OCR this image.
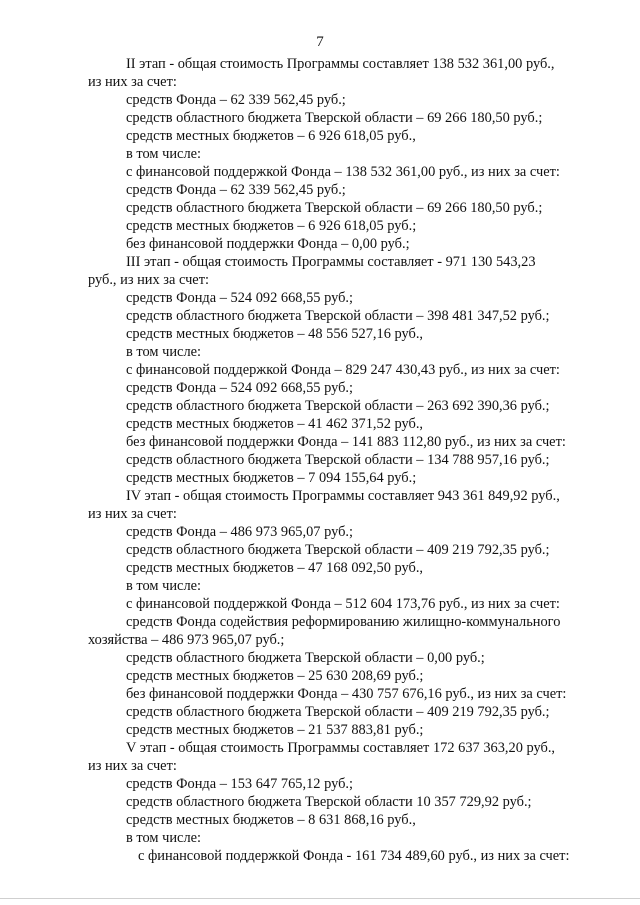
7
II этап - общая стоимость Программы составляет 138 532 361,00 руб.,
из них за счет:
средств Фонда – 62 339 562,45 руб.;
средств областного бюджета Тверской области – 69 266 180,50 руб.;
средств местных бюджетов – 6 926 618,05 руб.,
в том числе:
с финансовой поддержкой Фонда – 138 532 361,00 руб., из них за счет:
средств Фонда – 62 339 562,45 руб.;
средств областного бюджета Тверской области – 69 266 180,50 руб.;
средств местных бюджетов – 6 926 618,05 руб.;
без финансовой поддержки Фонда – 0,00 руб.;
III этап - общая стоимость Программы составляет - 971 130 543,23
руб., из них за счет:
средств Фонда – 524 092 668,55 руб.;
средств областного бюджета Тверской области – 398 481 347,52 руб.;
средств местных бюджетов – 48 556 527,16 руб.,
в том числе:
с финансовой поддержкой Фонда – 829 247 430,43 руб., из них за счет:
средств Фонда – 524 092 668,55 руб.;
средств областного бюджета Тверской области – 263 692 390,36 руб.;
средств местных бюджетов – 41 462 371,52 руб.,
без финансовой поддержки Фонда – 141 883 112,80 руб., из них за счет:
средств областного бюджета Тверской области – 134 788 957,16 руб.;
средств местных бюджетов – 7 094 155,64 руб.;
IV этап - общая стоимость Программы составляет 943 361 849,92 руб.,
из них за счет:
средств Фонда – 486 973 965,07 руб.;
средств областного бюджета Тверской области – 409 219 792,35 руб.;
средств местных бюджетов – 47 168 092,50 руб.,
в том числе:
с финансовой поддержкой Фонда – 512 604 173,76 руб., из них за счет:
средств Фонда содействия реформированию жилищно-коммунального
хозяйства – 486 973 965,07 руб.;
средств областного бюджета Тверской области – 0,00 руб.;
средств местных бюджетов – 25 630 208,69 руб.;
без финансовой поддержки Фонда – 430 757 676,16 руб., из них за счет:
средств областного бюджета Тверской области – 409 219 792,35 руб.;
средств местных бюджетов – 21 537 883,81 руб.;
V этап - общая стоимость Программы составляет 172 637 363,20 руб.,
из них за счет:
средств Фонда – 153 647 765,12 руб.;
средств областного бюджета Тверской области 10 357 729,92 руб.;
средств местных бюджетов – 8 631 868,16 руб.,
в том числе:
с финансовой поддержкой Фонда - 161 734 489,60 руб., из них за счет:
